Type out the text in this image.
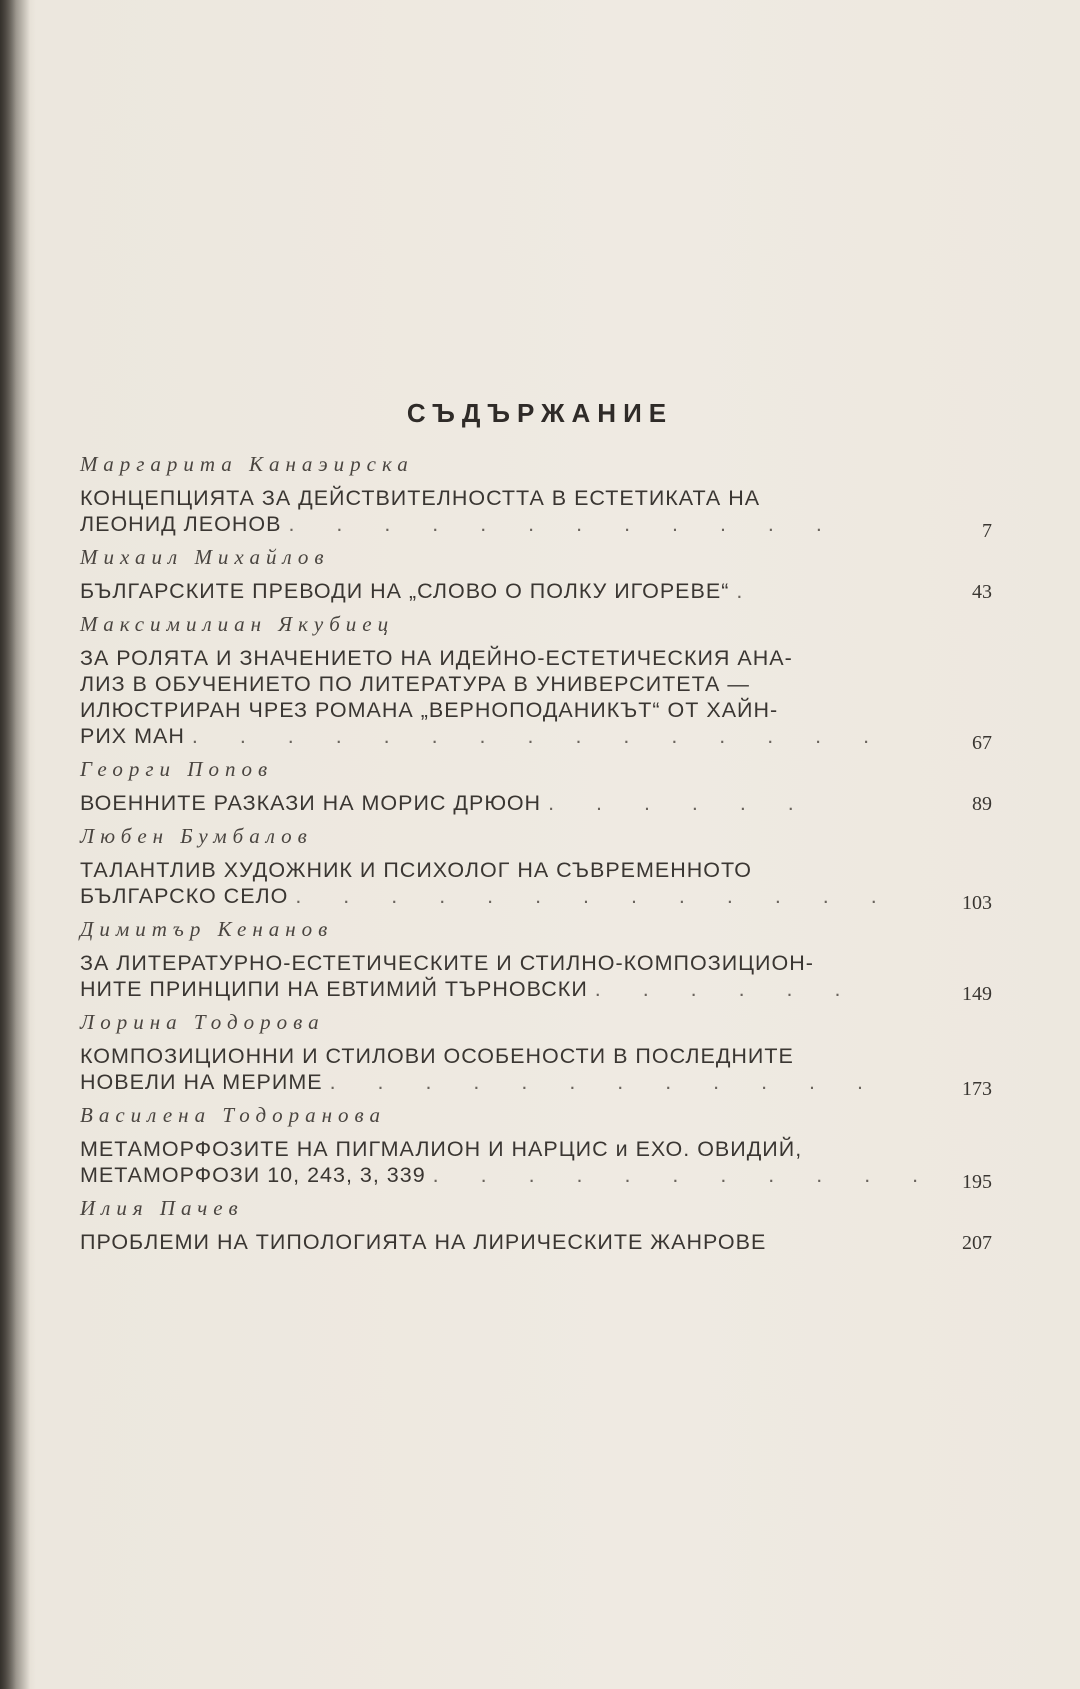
СЪДЪРЖАНИЕ
Маргарита Канаэирска
КОНЦЕПЦИЯТА ЗА ДЕЙСТВИТЕЛНОСТТА В ЕСТЕТИКАТА НА
ЛЕОНИД ЛЕОНОВ . . . . . . . . . . . .	7
Михаил Михайлов
БЪЛГАРСКИТЕ ПРЕВОДИ НА „СЛОВО О ПОЛКУ ИГОРЕВЕ“ .	43
Максимилиан Якубиец
ЗА РОЛЯТА И ЗНАЧЕНИЕТО НА ИДЕЙНО-ЕСТЕТИЧЕСКИЯ АНА-
ЛИЗ В ОБУЧЕНИЕТО ПО ЛИТЕРАТУРА В УНИВЕРСИТЕТА —
ИЛЮСТРИРАН ЧРЕЗ РОМАНА „ВЕРНОПОДАНИКЪТ“ ОТ ХАЙН-
РИХ МАН . . . . . . . . . . . . . . .	67
Георги Попов
ВОЕННИТЕ РАЗКАЗИ НА МОРИС ДРЮОН . . . . . .	89
Любен Бумбалов
ТАЛАНТЛИВ ХУДОЖНИК И ПСИХОЛОГ НА СЪВРЕМЕННОТО
БЪЛГАРСКО СЕЛО . . . . . . . . . . . . .	103
Димитър Кенанов
ЗА ЛИТЕРАТУРНО-ЕСТЕТИЧЕСКИТЕ И СТИЛНО-КОМПОЗИЦИОН-
НИТЕ ПРИНЦИПИ НА ЕВТИМИЙ ТЪРНОВСКИ . . . . . .	149
Лорина Тодорова
КОМПОЗИЦИОННИ И СТИЛОВИ ОСОБЕНОСТИ В ПОСЛЕДНИТЕ
НОВЕЛИ НА МЕРИМЕ . . . . . . . . . . . .	173
Василена Тодоранова
МЕТАМОРФОЗИТЕ НА ПИГМАЛИОН И НАРЦИС и ЕХО. ОВИДИЙ,
МЕТАМОРФОЗИ 10, 243, 3, 339 . . . . . . . . . . .	195
Илия Пачев
ПРОБЛЕМИ НА ТИПОЛОГИЯТА НА ЛИРИЧЕСКИТЕ ЖАНРОВЕ	207
